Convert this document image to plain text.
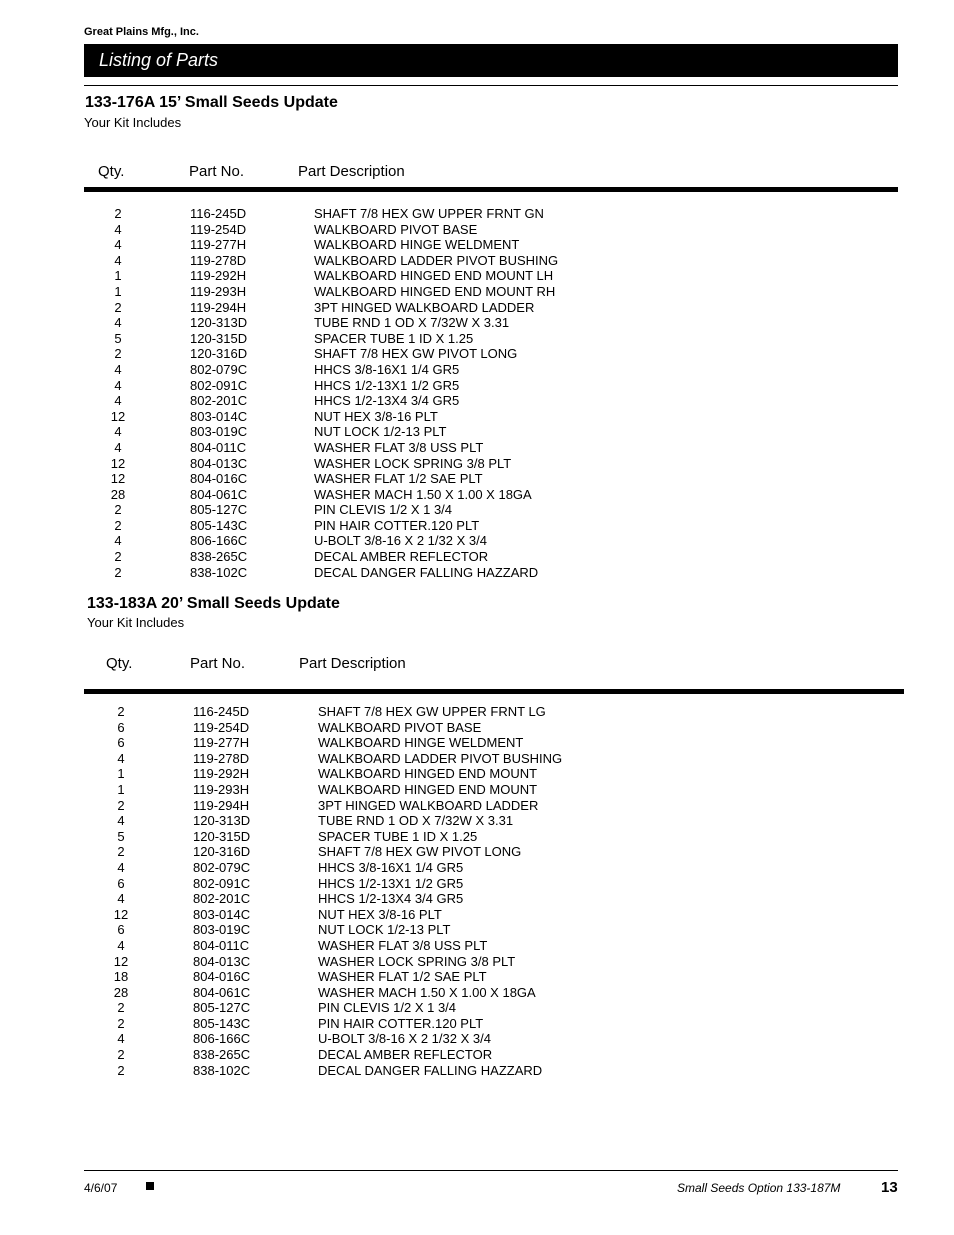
Great Plains Mfg., Inc.
Listing of Parts
133-176A 15’ Small Seeds Update
Your Kit Includes
Qty.	Part No.	Part Description
2	116-245D	SHAFT 7/8 HEX GW UPPER FRNT GN
4	119-254D	WALKBOARD PIVOT BASE
4	119-277H	WALKBOARD HINGE WELDMENT
4	119-278D	WALKBOARD LADDER PIVOT BUSHING
1	119-292H	WALKBOARD HINGED END MOUNT LH
1	119-293H	WALKBOARD HINGED END MOUNT RH
2	119-294H	3PT HINGED WALKBOARD LADDER
4	120-313D	TUBE RND 1 OD X 7/32W X 3.31
5	120-315D	SPACER TUBE 1 ID X 1.25
2	120-316D	SHAFT 7/8 HEX GW PIVOT LONG
4	802-079C	HHCS 3/8-16X1 1/4 GR5
4	802-091C	HHCS 1/2-13X1 1/2 GR5
4	802-201C	HHCS 1/2-13X4 3/4 GR5
12	803-014C	NUT HEX 3/8-16 PLT
4	803-019C	NUT LOCK 1/2-13 PLT
4	804-011C	WASHER FLAT 3/8 USS PLT
12	804-013C	WASHER LOCK SPRING 3/8 PLT
12	804-016C	WASHER FLAT 1/2 SAE PLT
28	804-061C	WASHER MACH 1.50 X 1.00 X 18GA
2	805-127C	PIN CLEVIS 1/2 X 1 3/4
2	805-143C	PIN HAIR COTTER.120 PLT
4	806-166C	U-BOLT 3/8-16 X 2 1/32 X 3/4
2	838-265C	DECAL AMBER REFLECTOR
2	838-102C	DECAL DANGER FALLING HAZZARD
133-183A 20’ Small Seeds Update
Your Kit Includes
Qty.	Part No.	Part Description
2	116-245D	SHAFT 7/8 HEX GW UPPER FRNT LG
6	119-254D	WALKBOARD PIVOT BASE
6	119-277H	WALKBOARD HINGE WELDMENT
4	119-278D	WALKBOARD LADDER PIVOT BUSHING
1	119-292H	WALKBOARD HINGED END MOUNT
1	119-293H	WALKBOARD HINGED END MOUNT
2	119-294H	3PT HINGED WALKBOARD LADDER
4	120-313D	TUBE RND 1 OD X 7/32W X 3.31
5	120-315D	SPACER TUBE 1 ID X 1.25
2	120-316D	SHAFT 7/8 HEX GW PIVOT LONG
4	802-079C	HHCS 3/8-16X1 1/4 GR5
6	802-091C	HHCS 1/2-13X1 1/2 GR5
4	802-201C	HHCS 1/2-13X4 3/4 GR5
12	803-014C	NUT HEX 3/8-16 PLT
6	803-019C	NUT LOCK 1/2-13 PLT
4	804-011C	WASHER FLAT 3/8 USS PLT
12	804-013C	WASHER LOCK SPRING 3/8 PLT
18	804-016C	WASHER FLAT 1/2 SAE PLT
28	804-061C	WASHER MACH 1.50 X 1.00 X 18GA
2	805-127C	PIN CLEVIS 1/2 X 1 3/4
2	805-143C	PIN HAIR COTTER.120 PLT
4	806-166C	U-BOLT 3/8-16 X 2 1/32 X 3/4
2	838-265C	DECAL AMBER REFLECTOR
2	838-102C	DECAL DANGER FALLING HAZZARD
4/6/07	Small Seeds Option 133-187M	13
